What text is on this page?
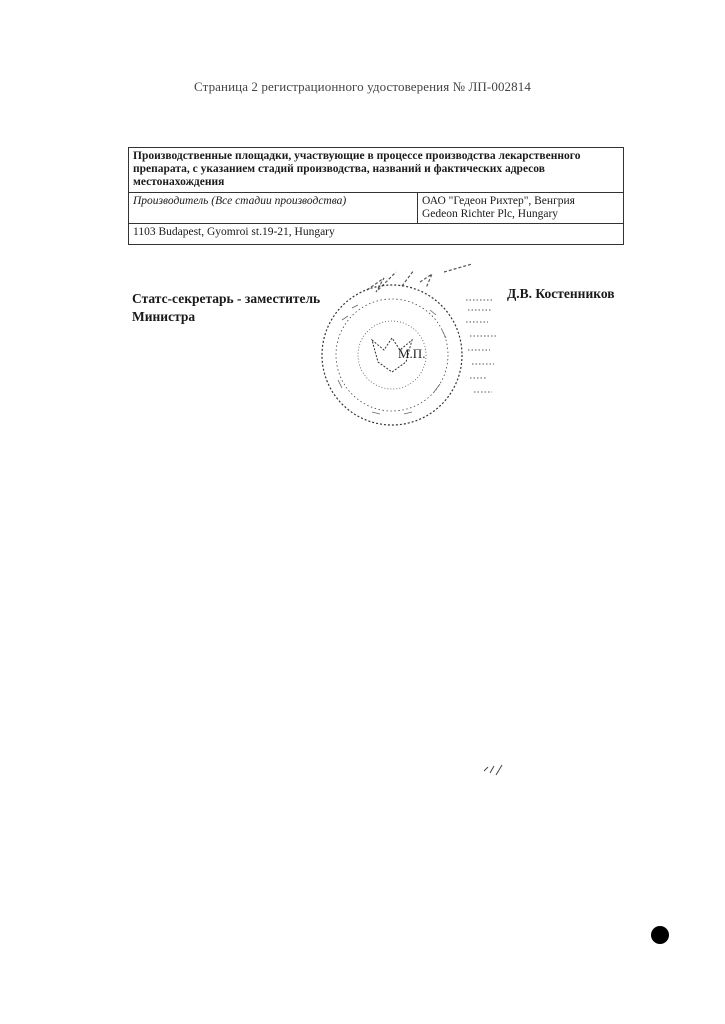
Страница 2 регистрационного удостоверения № ЛП-002814
Производственные площадки, участвующие в процессе производства лекарственного препарата, с указанием стадий производства, названий и фактических адресов местонахождения
Производитель (Все стадии производства)	ОАО "Гедеон Рихтер", Венгрия
Gedeon Richter Plc, Hungary

1103 Budapest, Gyomroi st.19-21, Hungary
Статс-секретарь - заместитель
Министра
Д.В. Костенников
М.П.
